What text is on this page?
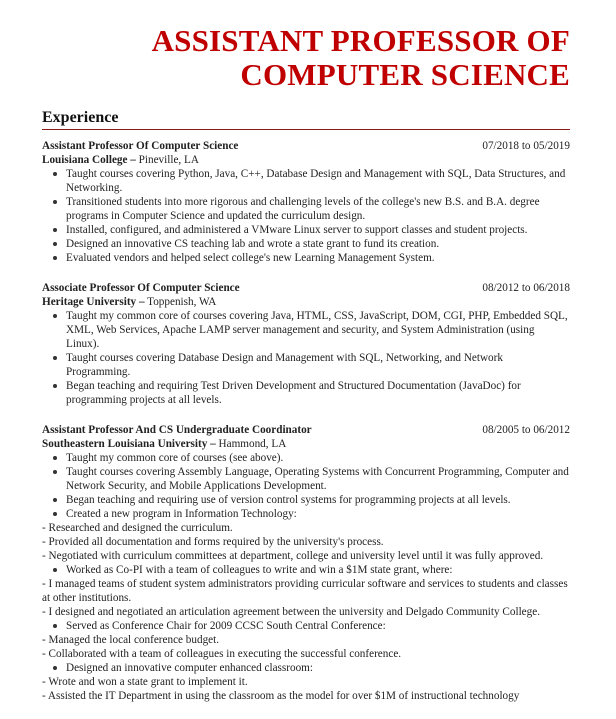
ASSISTANT PROFESSOR OF COMPUTER SCIENCE
Experience
Assistant Professor Of Computer Science	07/2018 to 05/2019
Louisiana College – Pineville, LA
Taught courses covering Python, Java, C++, Database Design and Management with SQL, Data Structures, and Networking.
Transitioned students into more rigorous and challenging levels of the college's new B.S. and B.A. degree programs in Computer Science and updated the curriculum design.
Installed, configured, and administered a VMware Linux server to support classes and student projects.
Designed an innovative CS teaching lab and wrote a state grant to fund its creation.
Evaluated vendors and helped select college's new Learning Management System.
Associate Professor Of Computer Science	08/2012 to 06/2018
Heritage University – Toppenish, WA
Taught my common core of courses covering Java, HTML, CSS, JavaScript, DOM, CGI, PHP, Embedded SQL, XML, Web Services, Apache LAMP server management and security, and System Administration (using Linux).
Taught courses covering Database Design and Management with SQL, Networking, and Network Programming.
Began teaching and requiring Test Driven Development and Structured Documentation (JavaDoc) for programming projects at all levels.
Assistant Professor And CS Undergraduate Coordinator	08/2005 to 06/2012
Southeastern Louisiana University – Hammond, LA
Taught my common core of courses (see above).
Taught courses covering Assembly Language, Operating Systems with Concurrent Programming, Computer and Network Security, and Mobile Applications Development.
Began teaching and requiring use of version control systems for programming projects at all levels.
Created a new program in Information Technology:

- Researched and designed the curriculum.

- Provided all documentation and forms required by the university's process.

- Negotiated with curriculum committees at department, college and university level until it was fully approved.

Worked as Co-PI with a team of colleagues to write and win a $1M state grant, where:

- I managed teams of student system administrators providing curricular software and services to students and classes at other institutions.

- I designed and negotiated an articulation agreement between the university and Delgado Community College.

Served as Conference Chair for 2009 CCSC South Central Conference:

- Managed the local conference budget.

- Collaborated with a team of colleagues in executing the successful conference.

Designed an innovative computer enhanced classroom:

- Wrote and won a state grant to implement it.

- Assisted the IT Department in using the classroom as the model for over $1M of instructional technology
